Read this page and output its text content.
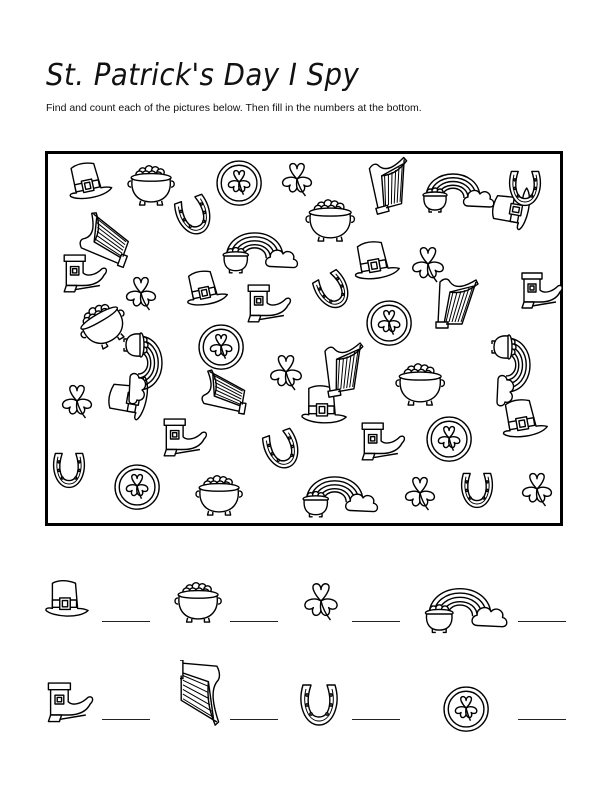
St. Patrick's Day I Spy
Find and count each of the pictures below. Then fill in the numbers at the bottom.
